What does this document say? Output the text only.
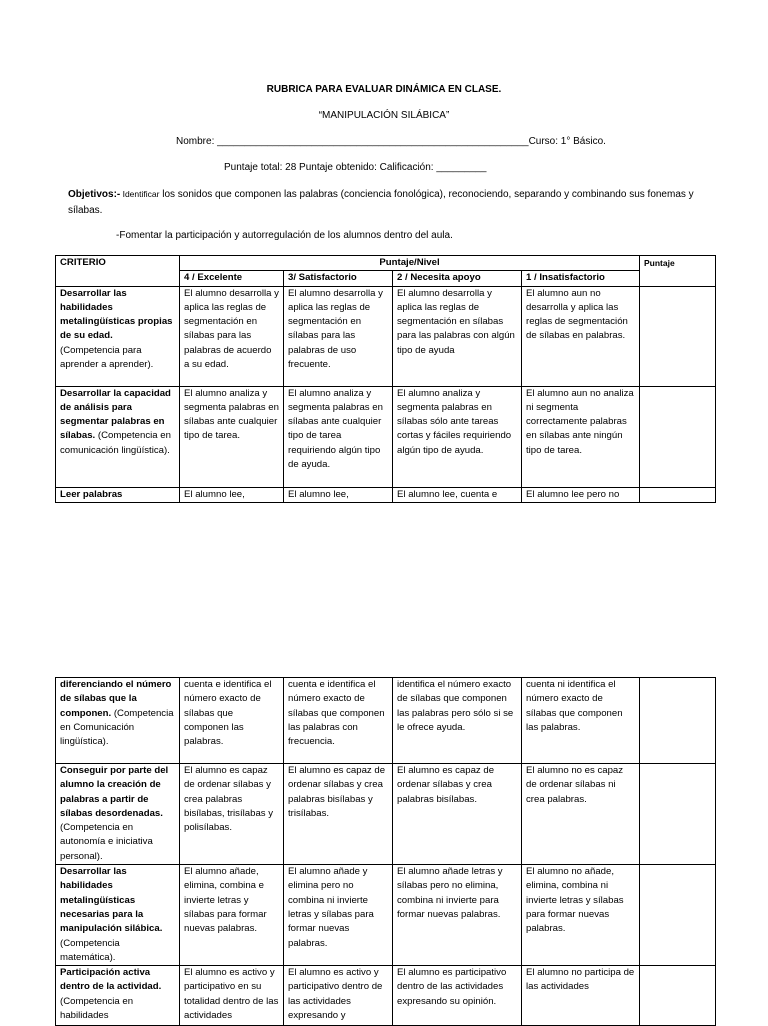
RUBRICA PARA EVALUAR DINÁMICA EN CLASE.
“MANIPULACIÓN SILÁBICA”
Nombre: ________________________________________________________Curso: 1° Básico.
Puntaje total: 28 Puntaje obtenido: Calificación: _________
Objetivos:- Identificar los sonidos que componen las palabras (conciencia fonológica), reconociendo, separando y combinando sus fonemas y sílabas.
-Fomentar la participación y autorregulación de los alumnos dentro del aula.
CRITERIO	Puntaje/Nivel				Puntaje
	4 / Excelente	3/ Satisfactorio	2 / Necesita apoyo	1 / Insatisfactorio	
Desarrollar las habilidades metalingüísticas propias de su edad. (Competencia para aprender a aprender).	El alumno desarrolla y aplica las reglas de segmentación en sílabas para las palabras de acuerdo a su edad.	El alumno desarrolla y aplica las reglas de segmentación en sílabas para las palabras de uso frecuente.	El alumno desarrolla y aplica las reglas de segmentación en sílabas para las palabras con algún tipo de ayuda	El alumno aun no desarrolla y aplica las reglas de segmentación de sílabas en palabras.	
Desarrollar la capacidad de análisis para segmentar palabras en sílabas. (Competencia en comunicación lingüística).	El alumno analiza y segmenta palabras en sílabas ante cualquier tipo de tarea.	El alumno analiza y segmenta palabras en sílabas ante cualquier tipo de tarea requiriendo algún tipo de ayuda.	El alumno analiza y segmenta palabras en sílabas sólo ante tareas cortas y fáciles requiriendo algún tipo de ayuda.	El alumno aun no analiza ni segmenta correctamente palabras en sílabas ante ningún tipo de tarea.	
Leer palabras	El alumno lee,	El alumno lee,	El alumno lee, cuenta e	El alumno lee pero no	
diferenciando el número de sílabas que la componen. (Competencia en Comunicación lingüística).	cuenta e identifica el número exacto de sílabas que componen las palabras.	cuenta e identifica el número exacto de sílabas que componen las palabras con frecuencia.	identifica el número exacto de sílabas que componen las palabras pero sólo si se le ofrece ayuda.	cuenta ni identifica el número exacto de sílabas que componen las palabras.	
Conseguir por parte del alumno la creación de palabras a partir de sílabas desordenadas. (Competencia en autonomía e iniciativa personal).	El alumno es capaz de ordenar sílabas y crea palabras bisílabas, trisílabas y polisílabas.	El alumno es capaz de ordenar sílabas y crea palabras bisílabas y trisílabas.	El alumno es capaz de ordenar sílabas y crea palabras bisílabas.	El alumno no es capaz de ordenar sílabas ni crea palabras.	
Desarrollar las habilidades metalingüísticas necesarias para la manipulación silábica. (Competencia matemática).	El alumno añade, elimina, combina e invierte letras y sílabas para formar nuevas palabras.	El alumno añade y elimina pero no combina ni invierte letras y sílabas para formar nuevas palabras.	El alumno añade letras y sílabas pero no elimina, combina ni invierte para formar nuevas palabras.	El alumno no añade, elimina, combina ni invierte letras y sílabas para formar nuevas palabras.	
Participación activa dentro de la actividad. (Competencia en habilidades	El alumno es activo y participativo en su totalidad dentro de las actividades	El alumno es activo y participativo dentro de las actividades expresando y	El alumno es participativo dentro de las actividades expresando su opinión.	El alumno no participa de las actividades	
